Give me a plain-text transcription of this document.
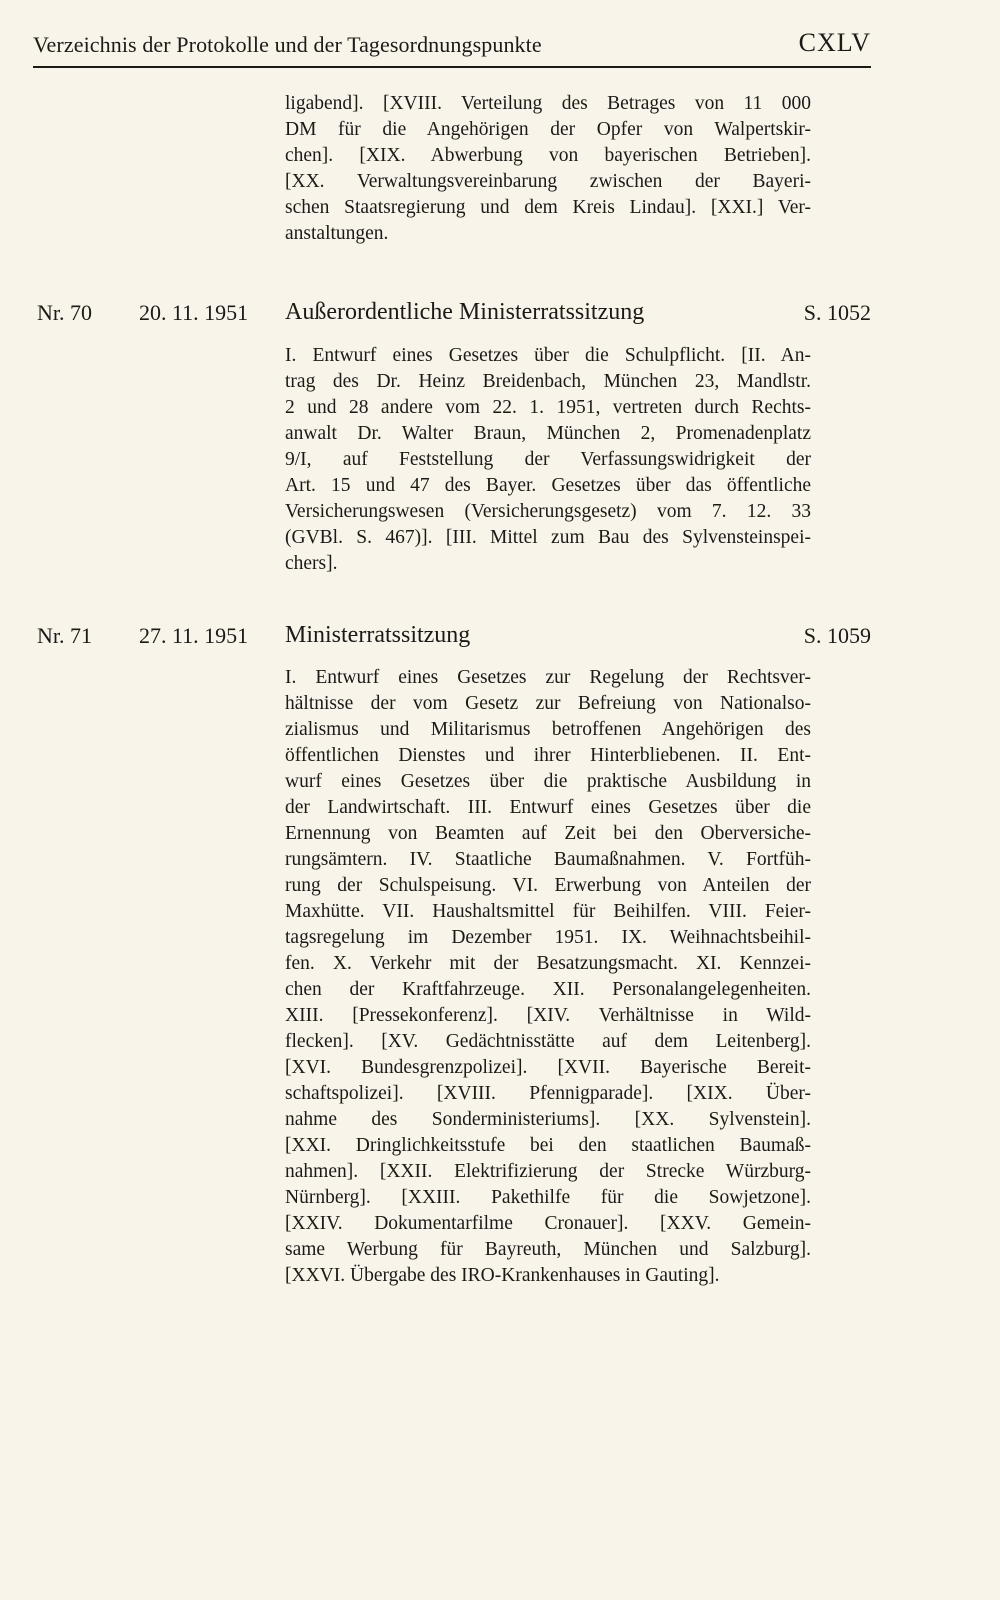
Verzeichnis der Protokolle und der Tagesordnungspunkte	CXLV
ligabend]. [XVIII. Verteilung des Betrages von 11 000
DM für die Angehörigen der Opfer von Walpertskir-
chen]. [XIX. Abwerbung von bayerischen Betrieben].
[XX. Verwaltungsvereinbarung zwischen der Bayeri-
schen Staatsregierung und dem Kreis Lindau]. [XXI.] Ver-
anstaltungen.
Nr. 70 20. 11. 1951 Außerordentliche Ministerratssitzung	S. 1052
I. Entwurf eines Gesetzes über die Schulpflicht. [II. An-
trag des Dr. Heinz Breidenbach, München 23, Mandlstr.
2 und 28 andere vom 22. 1. 1951, vertreten durch Rechts-
anwalt Dr. Walter Braun, München 2, Promenadenplatz
9/I, auf Feststellung der Verfassungswidrigkeit der
Art. 15 und 47 des Bayer. Gesetzes über das öffentliche
Versicherungswesen (Versicherungsgesetz) vom 7. 12. 33
(GVBl. S. 467)]. [III. Mittel zum Bau des Sylvensteinspei-
chers].
Nr. 71 27. 11. 1951 Ministerratssitzung	S. 1059
I. Entwurf eines Gesetzes zur Regelung der Rechtsver-
hältnisse der vom Gesetz zur Befreiung von Nationalso-
zialismus und Militarismus betroffenen Angehörigen des
öffentlichen Dienstes und ihrer Hinterbliebenen. II. Ent-
wurf eines Gesetzes über die praktische Ausbildung in
der Landwirtschaft. III. Entwurf eines Gesetzes über die
Ernennung von Beamten auf Zeit bei den Oberversiche-
rungsämtern. IV. Staatliche Baumaßnahmen. V. Fortfüh-
rung der Schulspeisung. VI. Erwerbung von Anteilen der
Maxhütte. VII. Haushaltsmittel für Beihilfen. VIII. Feier-
tagsregelung im Dezember 1951. IX. Weihnachtsbeihil-
fen. X. Verkehr mit der Besatzungsmacht. XI. Kennzei-
chen der Kraftfahrzeuge. XII. Personalangelegenheiten.
XIII. [Pressekonferenz]. [XIV. Verhältnisse in Wild-
flecken]. [XV. Gedächtnisstätte auf dem Leitenberg].
[XVI. Bundesgrenzpolizei]. [XVII. Bayerische Bereit-
schaftspolizei]. [XVIII. Pfennigparade]. [XIX. Über-
nahme des Sonderministeriums]. [XX. Sylvenstein].
[XXI. Dringlichkeitsstufe bei den staatlichen Baumaß-
nahmen]. [XXII. Elektrifizierung der Strecke Würzburg-
Nürnberg]. [XXIII. Pakethilfe für die Sowjetzone].
[XXIV. Dokumentarfilme Cronauer]. [XXV. Gemein-
same Werbung für Bayreuth, München und Salzburg].
[XXVI. Übergabe des IRO-Krankenhauses in Gauting].
